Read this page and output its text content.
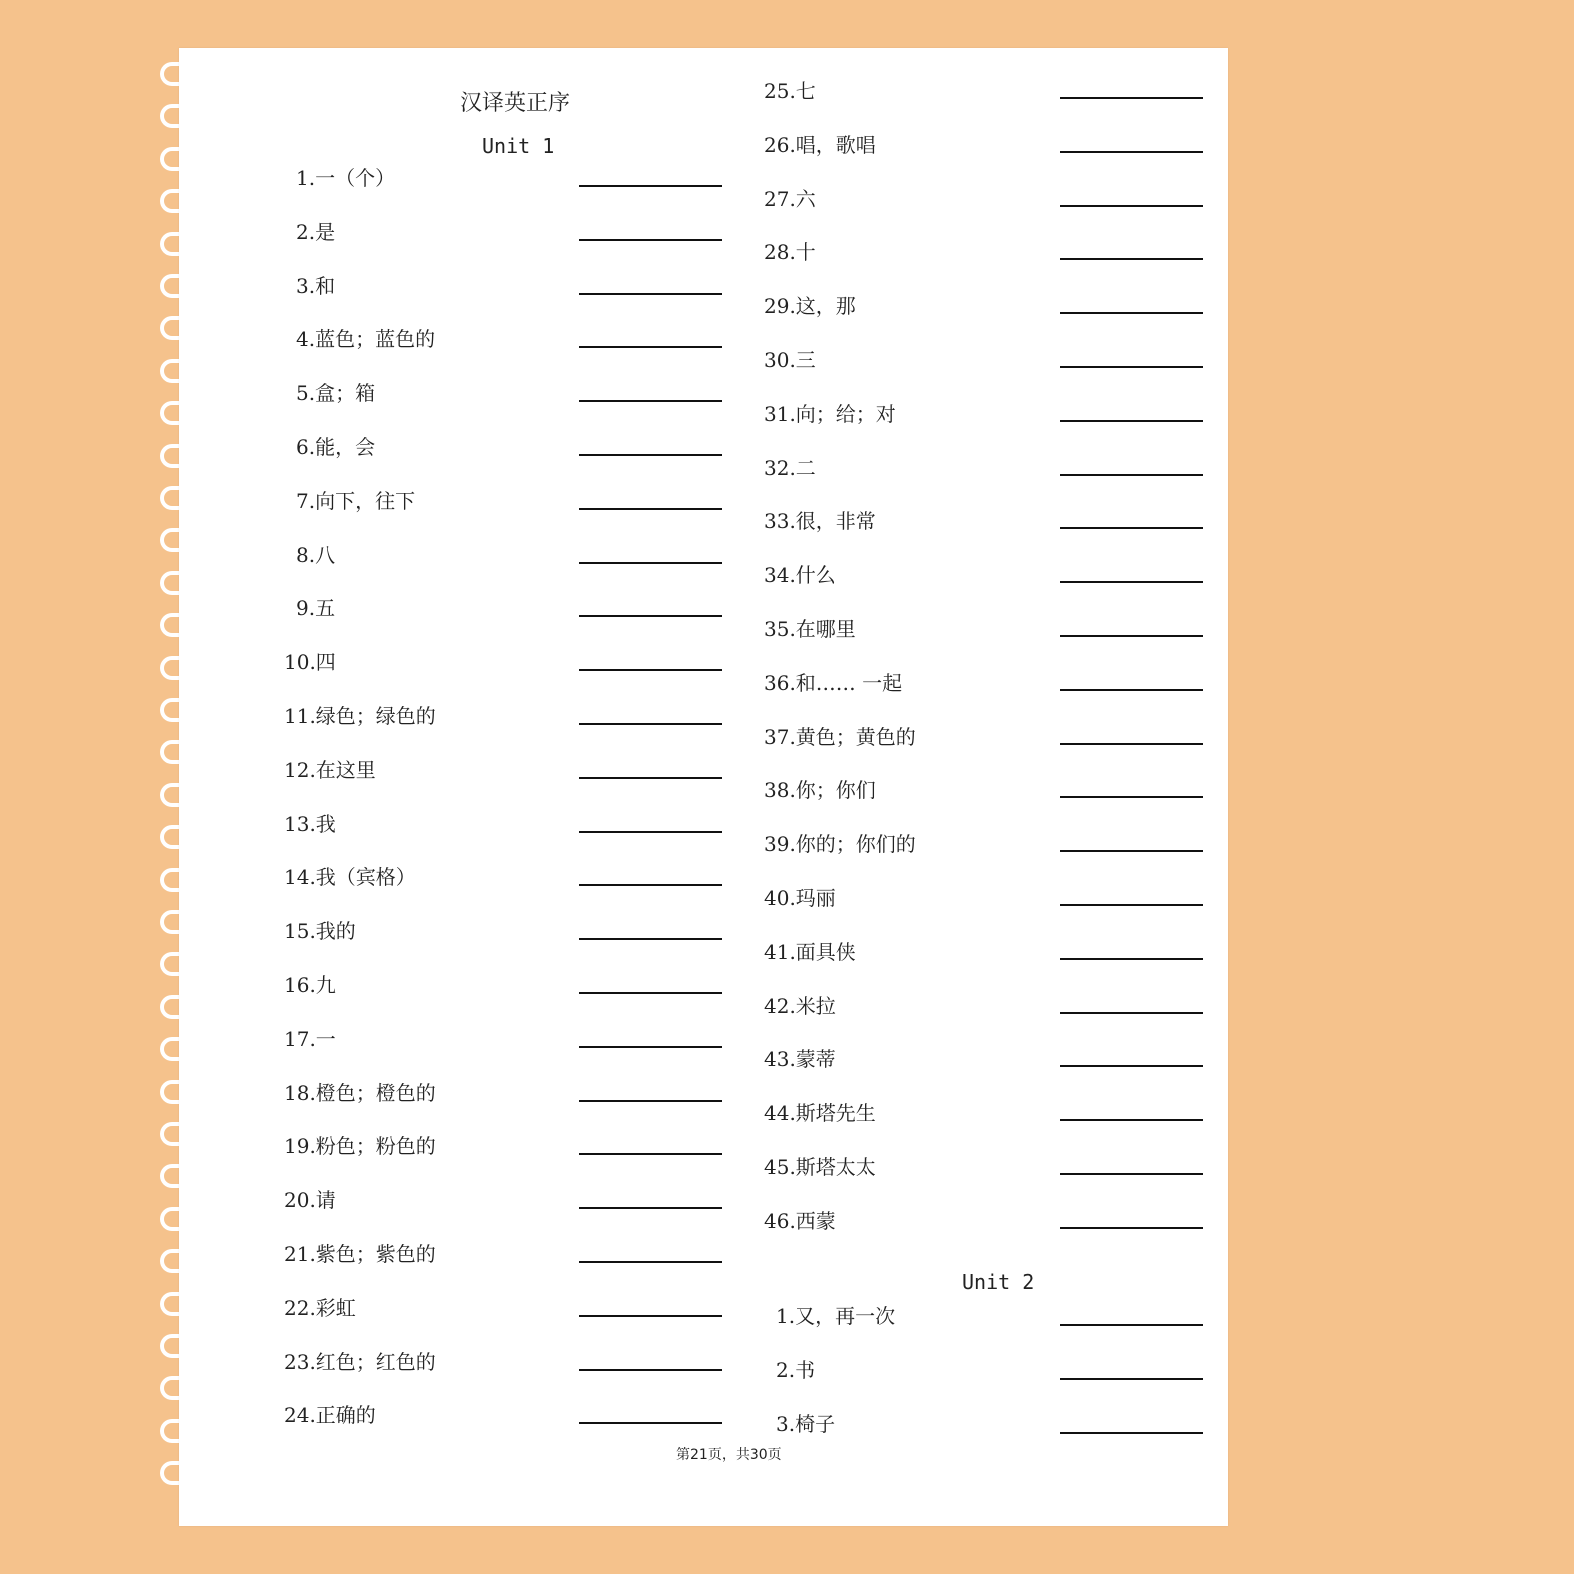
汉译英正序
Unit 1
Unit 2
1.一（个）
2.是
3.和
4.蓝色；蓝色的
5.盒；箱
6.能，会
7.向下，往下
8.八
9.五
10.四
11.绿色；绿色的
12.在这里
13.我
14.我（宾格）
15.我的
16.九
17.一
18.橙色；橙色的
19.粉色；粉色的
20.请
21.紫色；紫色的
22.彩虹
23.红色；红色的
24.正确的
25.七
26.唱，歌唱
27.六
28.十
29.这，那
30.三
31.向；给；对
32.二
33.很，非常
34.什么
35.在哪里
36.和…… 一起
37.黄色；黄色的
38.你；你们
39.你的；你们的
40.玛丽
41.面具侠
42.米拉
43.蒙蒂
44.斯塔先生
45.斯塔太太
46.西蒙
1.又，再一次
2.书
3.椅子
第21页，共30页
